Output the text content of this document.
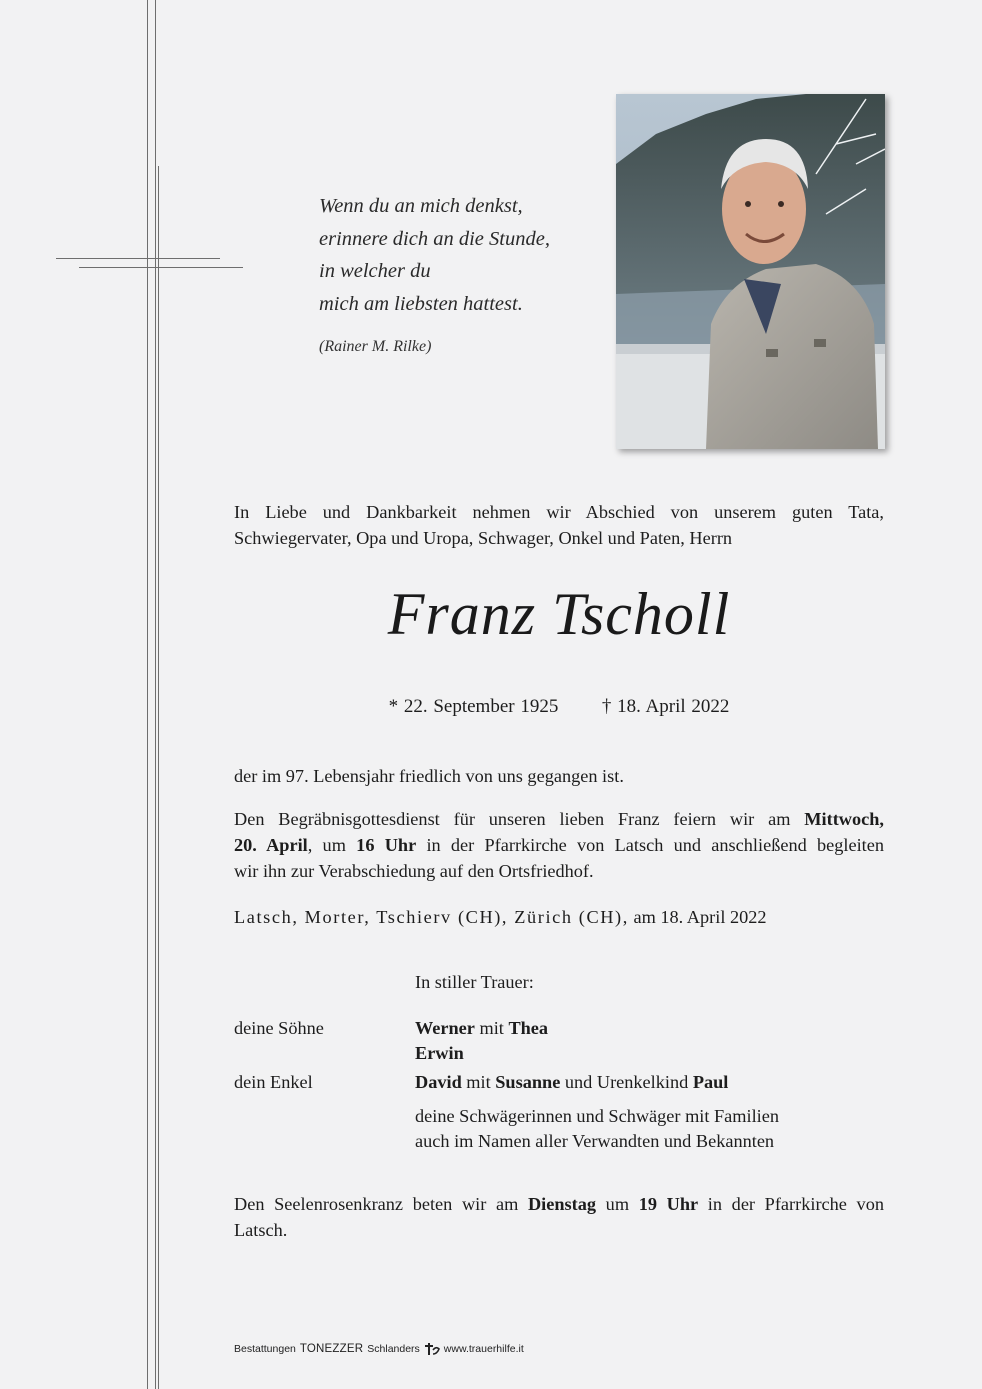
Wenn du an mich denkst,
erinnere dich an die Stunde,
in welcher du
mich am liebsten hattest.
(Rainer M. Rilke)
In Liebe und Dankbarkeit nehmen wir Abschied von unserem guten Tata,
Schwiegervater, Opa und Uropa, Schwager, Onkel und Paten, Herrn
Franz Tscholl
* 22. September 1925 † 18. April 2022
der im 97. Lebensjahr friedlich von uns gegangen ist.
Den Begräbnisgottesdienst für unseren lieben Franz feiern wir am Mittwoch,
20. April, um 16 Uhr in der Pfarrkirche von Latsch und anschließend begleiten
wir ihn zur Verabschiedung auf den Ortsfriedhof.
Latsch, Morter, Tschierv (CH), Zürich (CH), am 18. April 2022
In stiller Trauer:
deine Söhne	Werner mit Thea
Erwin
dein Enkel	David mit Susanne und Urenkelkind Paul
deine Schwägerinnen und Schwäger mit Familien
auch im Namen aller Verwandten und Bekannten
Den Seelenrosenkranz beten wir am Dienstag um 19 Uhr in der Pfarrkirche von
Latsch.
Bestattungen TONEZZER Schlanders www.trauerhilfe.it
